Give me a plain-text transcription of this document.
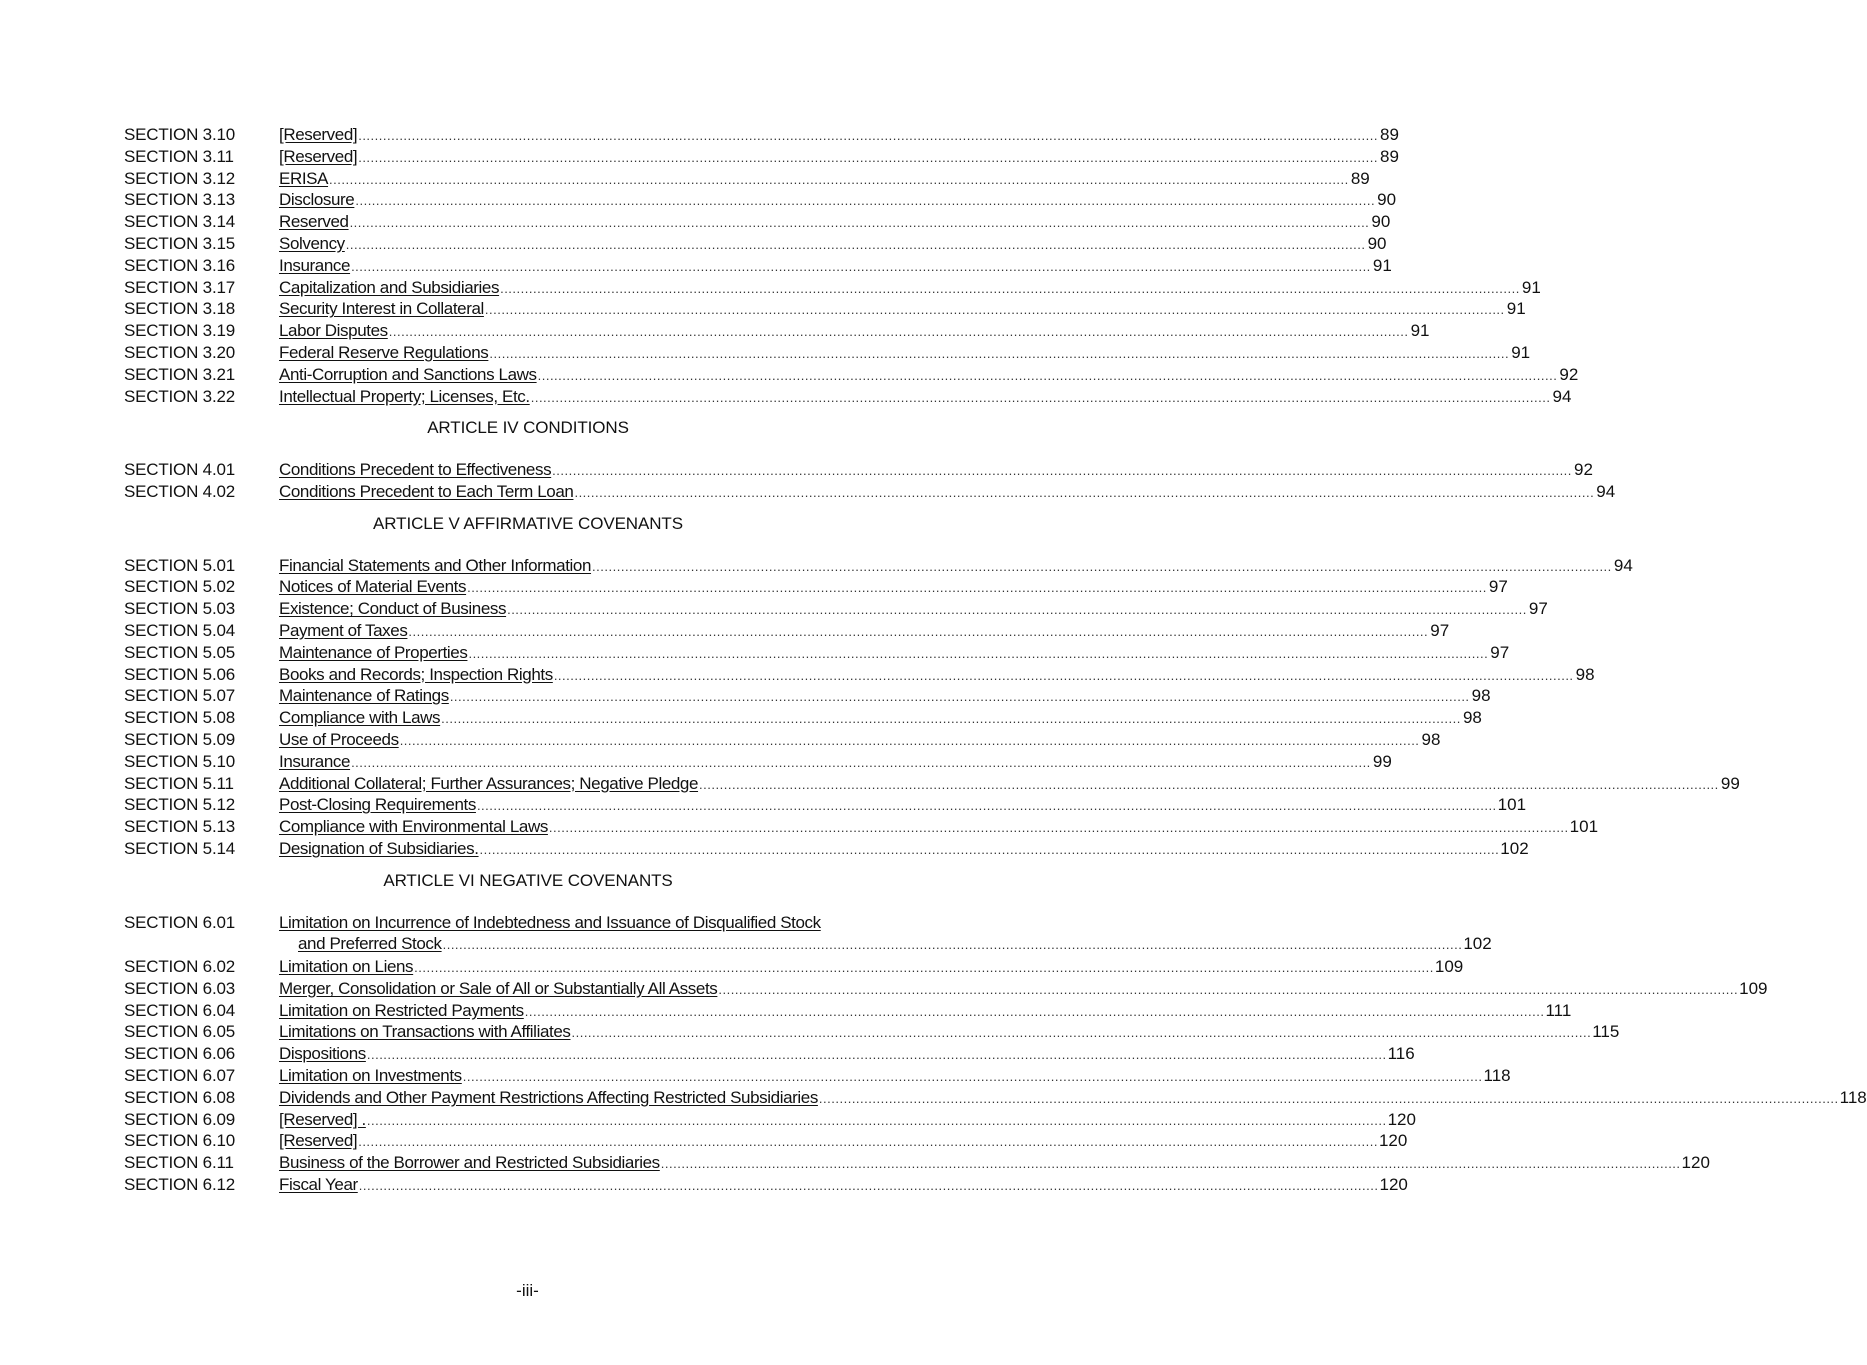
SECTION 3.10	[Reserved] .....	89
SECTION 3.11	[Reserved] .....	89
SECTION 3.12	ERISA .....	89
SECTION 3.13	Disclosure .....	90
SECTION 3.14	Reserved .....	90
SECTION 3.15	Solvency .....	90
SECTION 3.16	Insurance .....	91
SECTION 3.17	Capitalization and Subsidiaries .....	91
SECTION 3.18	Security Interest in Collateral .....	91
SECTION 3.19	Labor Disputes .....	91
SECTION 3.20	Federal Reserve Regulations .....	91
SECTION 3.21	Anti-Corruption and Sanctions Laws .....	92
SECTION 3.22	Intellectual Property; Licenses, Etc. .....	94
ARTICLE IV CONDITIONS
SECTION 4.01	Conditions Precedent to Effectiveness .....	92
SECTION 4.02	Conditions Precedent to Each Term Loan .....	94
ARTICLE V AFFIRMATIVE COVENANTS
SECTION 5.01	Financial Statements and Other Information .....	94
SECTION 5.02	Notices of Material Events .....	97
SECTION 5.03	Existence; Conduct of Business .....	97
SECTION 5.04	Payment of Taxes .....	97
SECTION 5.05	Maintenance of Properties .....	97
SECTION 5.06	Books and Records; Inspection Rights .....	98
SECTION 5.07	Maintenance of Ratings .....	98
SECTION 5.08	Compliance with Laws .....	98
SECTION 5.09	Use of Proceeds .....	98
SECTION 5.10	Insurance .....	99
SECTION 5.11	Additional Collateral; Further Assurances; Negative Pledge .....	99
SECTION 5.12	Post-Closing Requirements .....	101
SECTION 5.13	Compliance with Environmental Laws .....	101
SECTION 5.14	Designation of Subsidiaries. .....	102
ARTICLE VI NEGATIVE COVENANTS
SECTION 6.01	Limitation on Incurrence of Indebtedness and Issuance of Disqualified Stock
and Preferred Stock .....	102
SECTION 6.02	Limitation on Liens .....	109
SECTION 6.03	Merger, Consolidation or Sale of All or Substantially All Assets .....	109
SECTION 6.04	Limitation on Restricted Payments .....	111
SECTION 6.05	Limitations on Transactions with Affiliates .....	115
SECTION 6.06	Dispositions .....	116
SECTION 6.07	Limitation on Investments .....	118
SECTION 6.08	Dividends and Other Payment Restrictions Affecting Restricted Subsidiaries .....	118
SECTION 6.09	[Reserved] . .....	120
SECTION 6.10	[Reserved] .....	120
SECTION 6.11	Business of the Borrower and Restricted Subsidiaries .....	120
SECTION 6.12	Fiscal Year .....	120
-iii-
